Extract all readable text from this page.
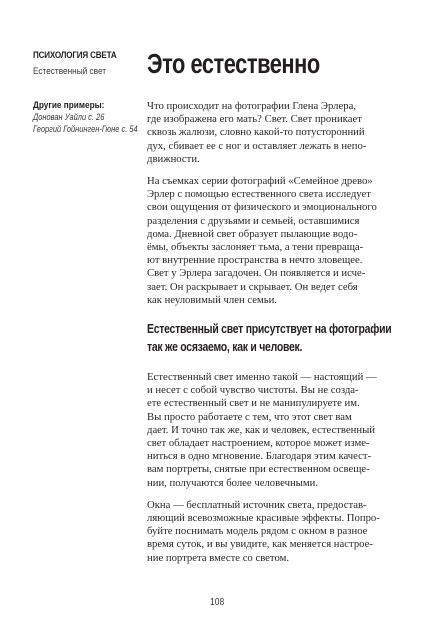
ПСИХОЛОГИЯ СВЕТА
Естественный свет
Другие примеры:
Донован Уайли с. 26
Георгий Гойнинген-Гюне с. 54
Это естественно

Что происходит на фотографии Глена Эрлера,
где изображена его мать? Свет. Свет проникает
сквозь жалюзи, словно какой-то потусторонний
дух, сбивает ее с ног и оставляет лежать в непо-
движности.

На съемках серии фотографий «Семейное древо»
Эрлер с помощью естественного света исследует
свои ощущения от физического и эмоционального
разделения с друзьями и семьей, оставшимися
дома. Дневной свет образует пылающие водо-
ёмы, объекты заслоняет тьма, а тени превраща-
ют внутренние пространства в нечто зловещее.
Свет у Эрлера загадочен. Он появляется и исче-
зает. Он раскрывает и скрывает. Он ведет себя
как неуловимый член семьи.

Естественный свет присутствует на фотографии
так же осязаемо, как и человек.

Естественный свет именно такой — настоящий —
и несет с собой чувство чистоты. Вы не созда-
ете естественный свет и не манипулируете им.
Вы просто работаете с тем, что этот свет вам
дает. И точно так же, как и человек, естественный
свет обладает настроением, которое может изме-
ниться в одно мгновение. Благодаря этим качест-
вам портреты, снятые при естественном освеще-
нии, получаются более человечными.

Окна — бесплатный источник света, предостав-
ляющий всевозможные красивые эффекты. Попро-
буйте поснимать модель рядом с окном в разное
время суток, и вы увидите, как меняется настрое-
ние портрета вместе со светом.

108
